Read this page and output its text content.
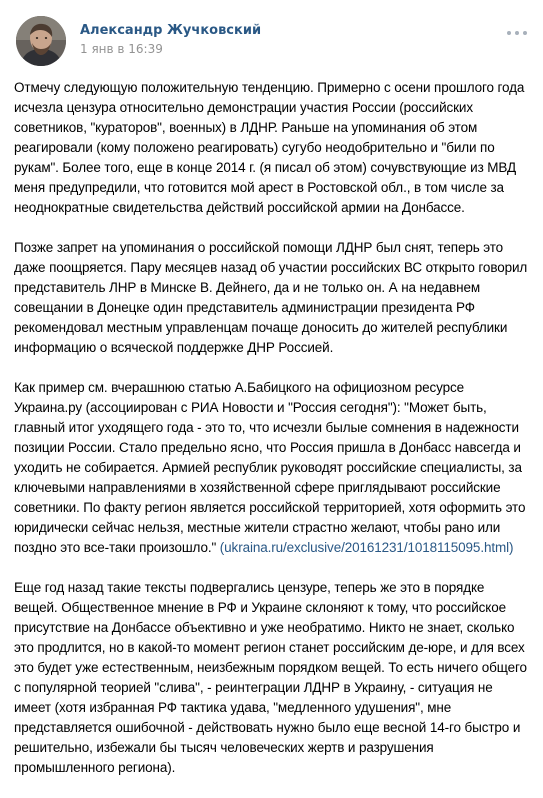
Александр Жучковский
1 янв в 16:39

Отмечу следующую положительную тенденцию. Примерно с осени прошлого года исчезла цензура относительно демонстрации участия России (российских советников, "кураторов", военных) в ЛДНР. Раньше на упоминания об этом реагировали (кому положено реагировать) сугубо неодобрительно и "били по рукам". Более того, еще в конце 2014 г. (я писал об этом) сочувствующие из МВД меня предупредили, что готовится мой арест в Ростовской обл., в том числе за неоднократные свидетельства действий российской армии на Донбассе.

Позже запрет на упоминания о российской помощи ЛДНР был снят, теперь это даже поощряется. Пару месяцев назад об участии российских ВС открыто говорил представитель ЛНР в Минске В. Дейнего, да и не только он. А на недавнем совещании в Донецке один представитель администрации президента РФ рекомендовал местным управленцам почаще доносить до жителей республики информацию о всяческой поддержке ДНР Россией.

Как пример см. вчерашнюю статью А.Бабицкого на официозном ресурсе Украина.ру (ассоциирован с РИА Новости и "Россия сегодня"): "Может быть, главный итог уходящего года - это то, что исчезли былые сомнения в надежности позиции России. Стало предельно ясно, что Россия пришла в Донбасс навсегда и уходить не собирается. Армией республик руководят российские специалисты, за ключевыми направлениями в хозяйственной сфере приглядывают российские советники. По факту регион является российской территорией, хотя оформить это юридически сейчас нельзя, местные жители страстно желают, чтобы рано или поздно это все-таки произошло." (ukraina.ru/exclusive/20161231/1018115095.html)

Еще год назад такие тексты подвергались цензуре, теперь же это в порядке вещей. Общественное мнение в РФ и Украине склоняют к тому, что российское присутствие на Донбассе объективно и уже необратимо. Никто не знает, сколько это продлится, но в какой-то момент регион станет российским де-юре, и для всех это будет уже естественным, неизбежным порядком вещей. То есть ничего общего с популярной теорией "слива", - реинтеграции ЛДНР в Украину, - ситуация не имеет (хотя избранная РФ тактика удава, "медленного удушения", мне представляется ошибочной - действовать нужно было еще весной 14-го быстро и решительно, избежали бы тысяч человеческих жертв и разрушения промышленного региона).
